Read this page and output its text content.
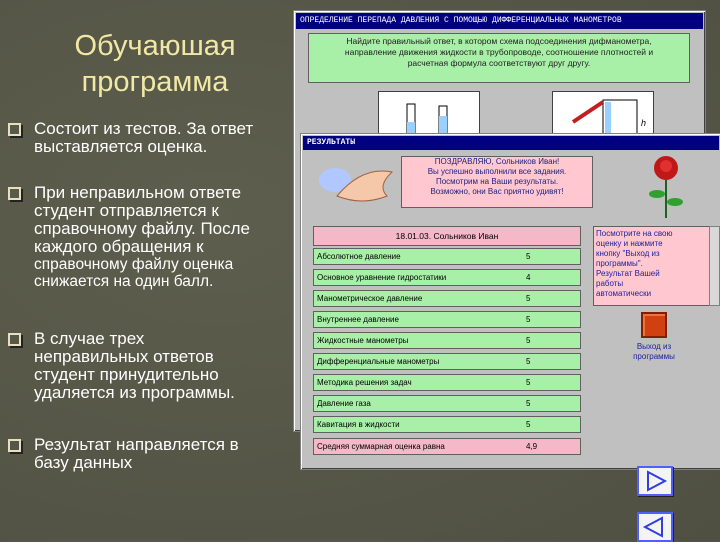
Обучаюшая
программа
Состоит из тестов. За ответ
выставляется оценка.
При неправильном ответе
студент отправляется к
справочному файлу. После
каждого обращения к
справочному файлу оценка
снижается на один балл.
В случае трех
неправильных ответов
студент принудительно
удаляется из программы.
Результат направляется в
базу данных
ОПРЕДЕЛЕНИЕ ПЕРЕПАДА ДАВЛЕНИЯ С ПОМОЩЬЮ ДИФФЕРЕНЦИАЛЬНЫХ МАНОМЕТРОВ
Найдите правильный ответ, в котором схема подсоединения дифманометра,
направление движения жидкости в трубопроводе, соотношение плотностей и
расчетная формула соответствуют друг другу.
h
РЕЗУЛЬТАТЫ
ПОЗДРАВЛЯЮ, Сольников Иван!
Вы успешно выполнили все задания.
Посмотрим на Ваши результаты.
Возможно, они Вас приятно удивят!
18.01.03. Сольников Иван
Абсолютное давление	5
Основное уравнение гидростатики	4
Манометрическое давление	5
Внутреннее давление	5
Жидкостные манометры	5
Дифференциальные манометры	5
Методика решения задач	5
Давление газа	5
Кавитация в жидкости	5
Средняя суммарная оценка равна	4,9
Посмотрите на свою
оценку и нажмите
кнопку "Выход из
программы".
Результат Вашей
работы
автоматически
Выход из
программы
